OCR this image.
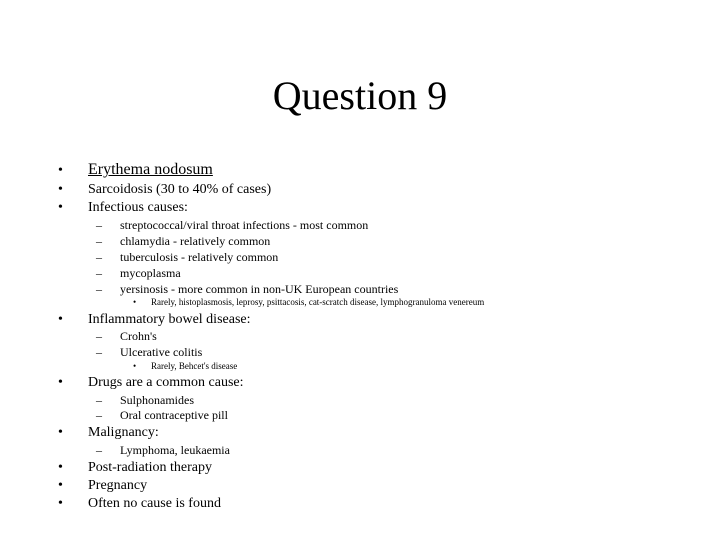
Question 9
• Erythema nodosum
• Sarcoidosis (30 to 40% of cases)
• Infectious causes:
– streptococcal/viral throat infections - most common
– chlamydia - relatively common
– tuberculosis - relatively common
– mycoplasma
– yersinosis - more common in non-UK European countries
• Rarely, histoplasmosis, leprosy, psittacosis, cat-scratch disease, lymphogranuloma venereum
• Inflammatory bowel disease:
– Crohn's
– Ulcerative colitis
• Rarely, Behcet's disease
• Drugs are a common cause:
– Sulphonamides
– Oral contraceptive pill
• Malignancy:
– Lymphoma, leukaemia
• Post-radiation therapy
• Pregnancy
• Often no cause is found
